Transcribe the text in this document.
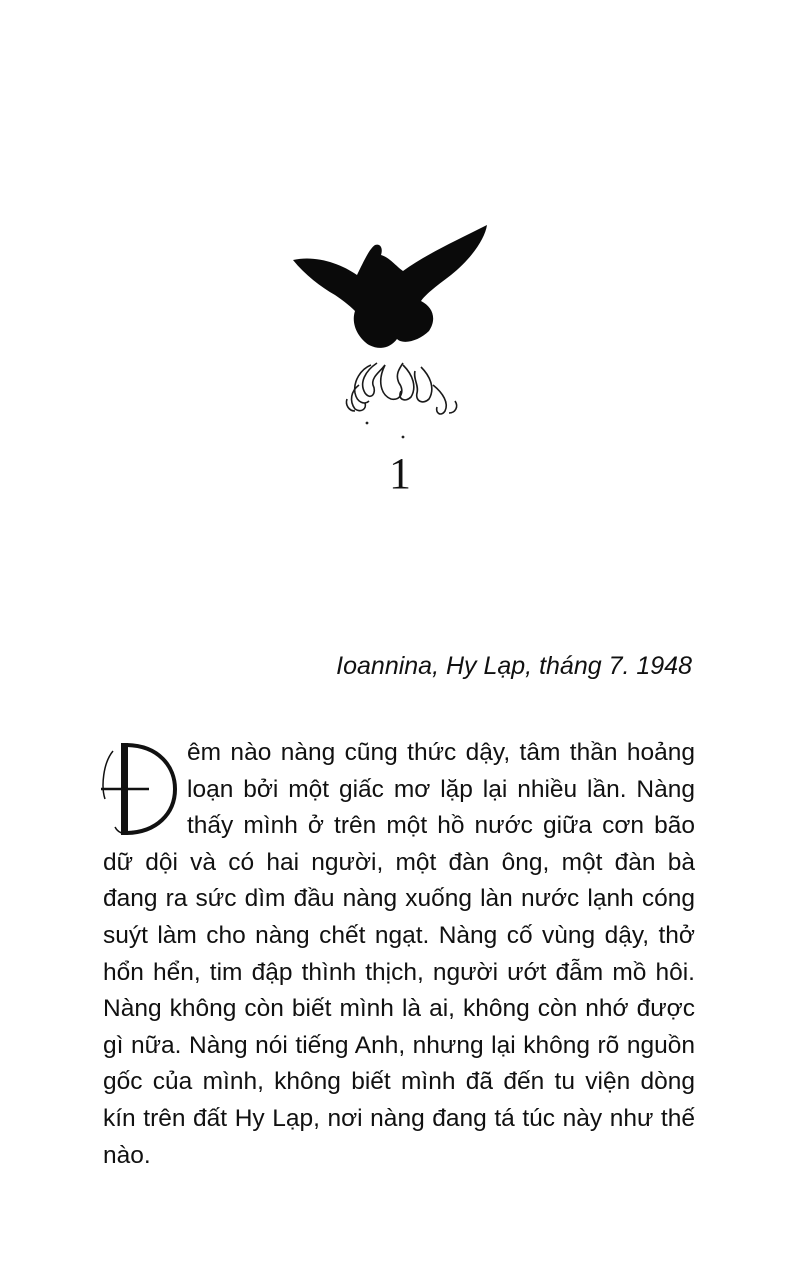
1
Ioannina, Hy Lạp, tháng 7. 1948

êm nào nàng cũng thức dậy, tâm thần hoảng loạn bởi một giấc mơ lặp lại nhiều lần. Nàng thấy mình ở trên một hồ nước giữa cơn bão dữ dội và có hai người, một đàn ông, một đàn bà đang ra sức dìm đầu nàng xuống làn nước lạnh cóng suýt làm cho nàng chết ngạt. Nàng cố vùng dậy, thở hổn hển, tim đập thình thịch, người ướt đẫm mồ hôi. Nàng không còn biết mình là ai, không còn nhớ được gì nữa. Nàng nói tiếng Anh, nhưng lại không rõ nguồn gốc của mình, không biết mình đã đến tu viện dòng kín trên đất Hy Lạp, nơi nàng đang tá túc này như thế nào.
